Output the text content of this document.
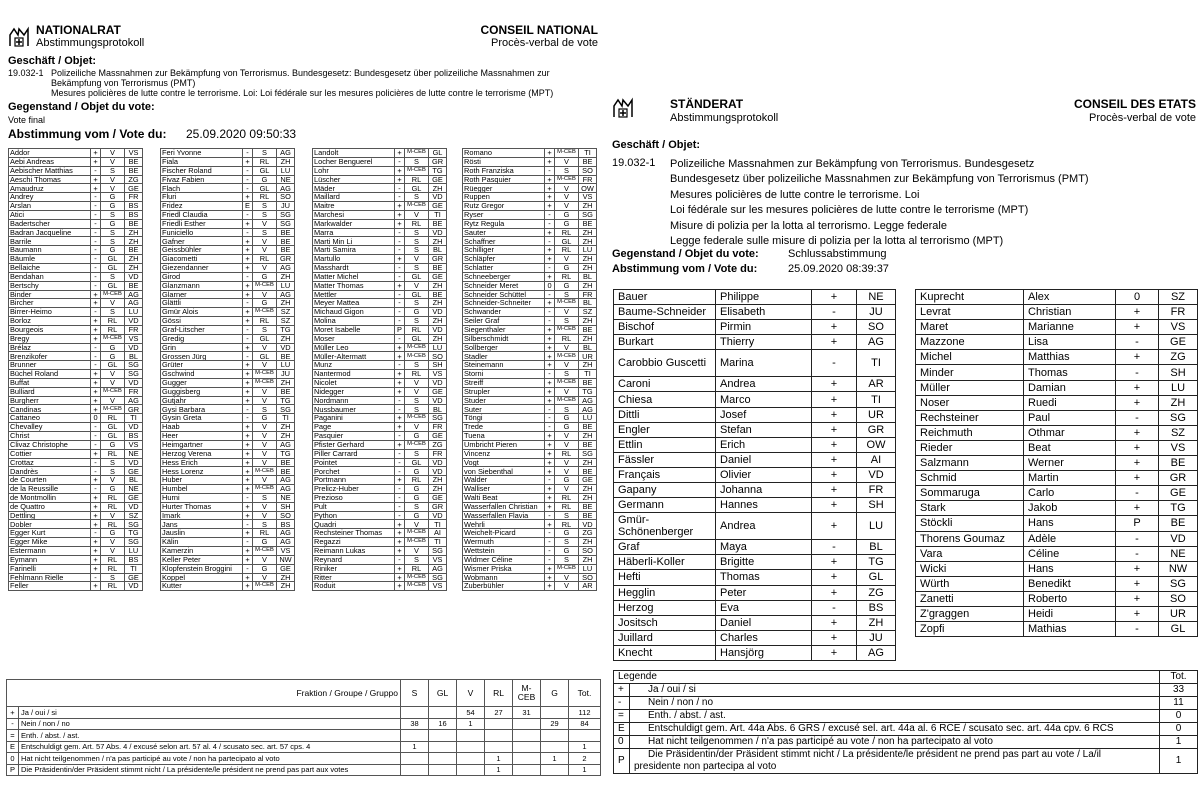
NATIONALRAT
Abstimmungsprotokoll
CONSEIL NATIONAL
Procès-verbal de vote
Geschäft / Objet:
19.032-1 Polizeiliche Massnahmen zur Bekämpfung von Terrorismus. Bundesgesetz: Bundesgesetz über polizeiliche Massnahmen zur
Bekämpfung von Terrorismus (PMT)
Mesures policières de lutte contre le terrorisme. Loi: Loi fédérale sur les mesures policières de lutte contre le terrorisme (MPT)
Gegenstand / Objet du vote:
Vote final
Abstimmung vom / Vote du: 25.09.2020 09:50:33
Addor	+	V	VS
Aebi Andreas	+	V	BE
Aebischer Matthias	-	S	BE
Aeschi Thomas	+	V	ZG
Amaudruz	+	V	GE
Andrey	-	G	FR
Arslan	-	G	BS
Atici	-	S	BS
Badertscher	-	G	BE
Badran Jacqueline	-	S	ZH
Barrile	-	S	ZH
Baumann	-	G	BE
Bäumle	-	GL	ZH
Bellaiche	-	GL	ZH
Bendahan	-	S	VD
Bertschy	-	GL	BE
Binder	+	M-CEB	AG
Bircher	+	V	AG
Birrer-Heimo	-	S	LU
Borloz	+	RL	VD
Bourgeois	+	RL	FR
Bregy	+	M-CEB	VS
Brélaz	-	G	VD
Brenzikofer	-	G	BL
Brunner	-	GL	SG
Büchel Roland	+	V	SG
Buffat	+	V	VD
Bulliard	+	M-CEB	FR
Burgherr	+	V	AG
Candinas	+	M-CEB	GR
Cattaneo	0	RL	TI
Chevalley	-	GL	VD
Christ	-	GL	BS
Clivaz Christophe	-	G	VS
Cottier	+	RL	NE
Crottaz	-	S	VD
Dandrès	-	S	GE
de Courten	+	V	BL
de la Reussille	-	G	NE
de Montmollin	+	RL	GE
de Quattro	+	RL	VD
Dettling	+	V	SZ
Dobler	+	RL	SG
Egger Kurt	-	G	TG
Egger Mike	+	V	SG
Estermann	+	V	LU
Eymann	+	RL	BS
Farinelli	+	RL	TI
Fehlmann Rielle	-	S	GE
Feller	+	RL	VD
Feri Yvonne	-	S	AG
Fiala	+	RL	ZH
Fischer Roland	-	GL	LU
Fivaz Fabien	-	G	NE
Flach	-	GL	AG
Fluri	+	RL	SO
Fridez	E	S	JU
Friedl Claudia	-	S	SG
Friedli Esther	+	V	SG
Funiciello	-	S	BE
Gafner	+	V	BE
Geissbühler	+	V	BE
Giacometti	+	RL	GR
Giezendanner	+	V	AG
Girod	-	G	ZH
Glanzmann	+	M-CEB	LU
Glarner	+	V	AG
Glättli	-	G	ZH
Gmür Alois	+	M-CEB	SZ
Gössi	+	RL	SZ
Graf-Litscher	-	S	TG
Gredig	-	GL	ZH
Grin	+	V	VD
Grossen Jürg	-	GL	BE
Grüter	+	V	LU
Gschwind	+	M-CEB	JU
Gugger	+	M-CEB	ZH
Guggisberg	+	V	BE
Gutjahr	+	V	TG
Gysi Barbara	-	S	SG
Gysin Greta	-	G	TI
Haab	+	V	ZH
Heer	+	V	ZH
Heimgartner	+	V	AG
Herzog Verena	+	V	TG
Hess Erich	+	V	BE
Hess Lorenz	+	M-CEB	BE
Huber	+	V	AG
Humbel	+	M-CEB	AG
Hurni	-	S	NE
Hurter Thomas	+	V	SH
Imark	+	V	SO
Jans	-	S	BS
Jauslin	+	RL	AG
Kälin	-	G	AG
Kamerzin	+	M-CEB	VS
Keller Peter	+	V	NW
Klopfenstein Broggini	-	G	GE
Koppel	+	V	ZH
Kutter	+	M-CEB	ZH
Landolt	+	M-CEB	GL
Locher Benguerel	-	S	GR
Lohr	+	M-CEB	TG
Lüscher	+	RL	GE
Mäder	-	GL	ZH
Maillard	-	S	VD
Maitre	+	M-CEB	GE
Marchesi	+	V	TI
Markwalder	+	RL	BE
Marra	-	S	VD
Marti Min Li	-	S	ZH
Marti Samira	-	S	BL
Martullo	+	V	GR
Masshardt	-	S	BE
Matter Michel	-	GL	GE
Matter Thomas	+	V	ZH
Mettler	-	GL	BE
Meyer Mattea	-	S	ZH
Michaud Gigon	-	G	VD
Molina	-	S	ZH
Moret Isabelle	P	RL	VD
Moser	-	GL	ZH
Müller Leo	+	M-CEB	LU
Müller-Altermatt	+	M-CEB	SO
Munz	-	S	SH
Nantermod	+	RL	VS
Nicolet	+	V	VD
Nidegger	+	V	GE
Nordmann	-	S	VD
Nussbaumer	-	S	BL
Paganini	+	M-CEB	SG
Page	+	V	FR
Pasquier	-	G	GE
Pfister Gerhard	+	M-CEB	ZG
Piller Carrard	-	S	FR
Pointet	-	GL	VD
Porchet	-	G	VD
Portmann	+	RL	ZH
Prelicz-Huber	-	G	ZH
Prezioso	-	G	GE
Pult	-	S	GR
Python	-	G	VD
Quadri	+	V	TI
Rechsteiner Thomas	+	M-CEB	AI
Regazzi	+	M-CEB	TI
Reimann Lukas	+	V	SG
Reynard	-	S	VS
Riniker	+	RL	AG
Ritter	+	M-CEB	SG
Roduit	+	M-CEB	VS
Romano	+	M-CEB	TI
Rösti	+	V	BE
Roth Franziska	-	S	SO
Roth Pasquier	+	M-CEB	FR
Rüegger	+	V	OW
Ruppen	+	V	VS
Rutz Gregor	+	V	ZH
Ryser	-	G	SG
Rytz Regula	-	G	BE
Sauter	+	RL	ZH
Schaffner	-	GL	ZH
Schilliger	+	RL	LU
Schläpfer	+	V	ZH
Schlatter	-	G	ZH
Schneeberger	+	RL	BL
Schneider Meret	0	G	ZH
Schneider Schüttel	-	S	FR
Schneider-Schneiter	+	M-CEB	BL
Schwander	-	V	SZ
Seiler Graf	-	S	ZH
Siegenthaler	+	M-CEB	BE
Silberschmidt	+	RL	ZH
Sollberger	+	V	BL
Stadler	+	M-CEB	UR
Steinemann	+	V	ZH
Storni	-	S	TI
Streiff	+	M-CEB	BE
Strupler	+	V	TG
Studer	+	M-CEB	AG
Suter	-	S	AG
Töngi	-	G	LU
Trede	-	G	BE
Tuena	+	V	ZH
Umbricht Pieren	+	V	BE
Vincenz	+	RL	SG
Vogt	+	V	ZH
von Siebenthal	+	V	BE
Walder	-	G	GE
Walliser	+	V	ZH
Walti Beat	+	RL	ZH
Wasserfallen Christian	+	RL	BE
Wasserfallen Flavia	-	S	BE
Wehrli	+	RL	VD
Weichelt-Picard	-	G	ZG
Wermuth	-	S	ZH
Wettstein	-	G	SO
Widmer Céline	-	S	ZH
Wismer Priska	+	M-CEB	LU
Wobmann	+	V	SO
Zuberbühler	+	V	AR
Fraktion / Groupe / Gruppo		S	GL	V	RL	M-CEB	G	Tot.
+	Ja / oui / si			54	27	31		112
-	Nein / non / no	38	16	1			29	84
=	Enth. / abst. / ast.							
E	Entschuldigt gem. Art. 57 Abs. 4 / excusé selon art. 57 al. 4 / scusato sec. art. 57 cps. 4	1						1
0	Hat nicht teilgenommen / n'a pas participé au vote / non ha partecipato al voto				1		1	2
P	Die Präsidentin/der Präsident stimmt nicht / La présidente/le président ne prend pas part aux votes				1			1
STÄNDERAT
Abstimmungsprotokoll
CONSEIL DES ETATS
Procès-verbal de vote
Geschäft / Objet:
19.032-1 Polizeiliche Massnahmen zur Bekämpfung von Terrorismus. Bundesgesetz
Bundesgesetz über polizeiliche Massnahmen zur Bekämpfung von Terrorismus (PMT)
Mesures policières de lutte contre le terrorisme. Loi
Loi fédérale sur les mesures policières de lutte contre le terrorisme (MPT)
Misure di polizia per la lotta al terrorismo. Legge federale
Legge federale sulle misure di polizia per la lotta al terrorismo (MPT)
Gegenstand / Objet du vote:	Schlussabstimmung
Abstimmung vom / Vote du:	25.09.2020 08:39:37
Bauer	Philippe	+	NE
Baume-Schneider	Elisabeth	-	JU
Bischof	Pirmin	+	SO
Burkart	Thierry	+	AG
Carobbio Guscetti	Marina	-	TI
Caroni	Andrea	+	AR
Chiesa	Marco	+	TI
Dittli	Josef	+	UR
Engler	Stefan	+	GR
Ettlin	Erich	+	OW
Fässler	Daniel	+	AI
Français	Olivier	+	VD
Gapany	Johanna	+	FR
Germann	Hannes	+	SH
Gmür-Schönenberger	Andrea	+	LU
Graf	Maya	-	BL
Häberli-Koller	Brigitte	+	TG
Hefti	Thomas	+	GL
Hegglin	Peter	+	ZG
Herzog	Eva	-	BS
Jositsch	Daniel	+	ZH
Juillard	Charles	+	JU
Knecht	Hansjörg	+	AG
Kuprecht	Alex	0	SZ
Levrat	Christian	+	FR
Maret	Marianne	+	VS
Mazzone	Lisa	-	GE
Michel	Matthias	+	ZG
Minder	Thomas	-	SH
Müller	Damian	+	LU
Noser	Ruedi	+	ZH
Rechsteiner	Paul	-	SG
Reichmuth	Othmar	+	SZ
Rieder	Beat	+	VS
Salzmann	Werner	+	BE
Schmid	Martin	+	GR
Sommaruga	Carlo	-	GE
Stark	Jakob	+	TG
Stöckli	Hans	P	BE
Thorens Goumaz	Adèle	-	VD
Vara	Céline	-	NE
Wicki	Hans	+	NW
Würth	Benedikt	+	SG
Zanetti	Roberto	+	SO
Z'graggen	Heidi	+	UR
Zopfi	Mathias	-	GL
Legende		Tot.
+	Ja / oui / si	33
-	Nein / non / no	11
=	Enth. / abst. / ast.	0
E	Entschuldigt gem. Art. 44a Abs. 6 GRS / excusé sel. art. 44a al. 6 RCE / scusato sec. art. 44a cpv. 6 RCS	0
0	Hat nicht teilgenommen / n'a pas participé au vote / non ha partecipato al voto	1
P	Die Präsidentin/der Präsident stimmt nicht / La présidente/le président ne prend pas part au vote / La/il
presidente non partecipa al voto	1
